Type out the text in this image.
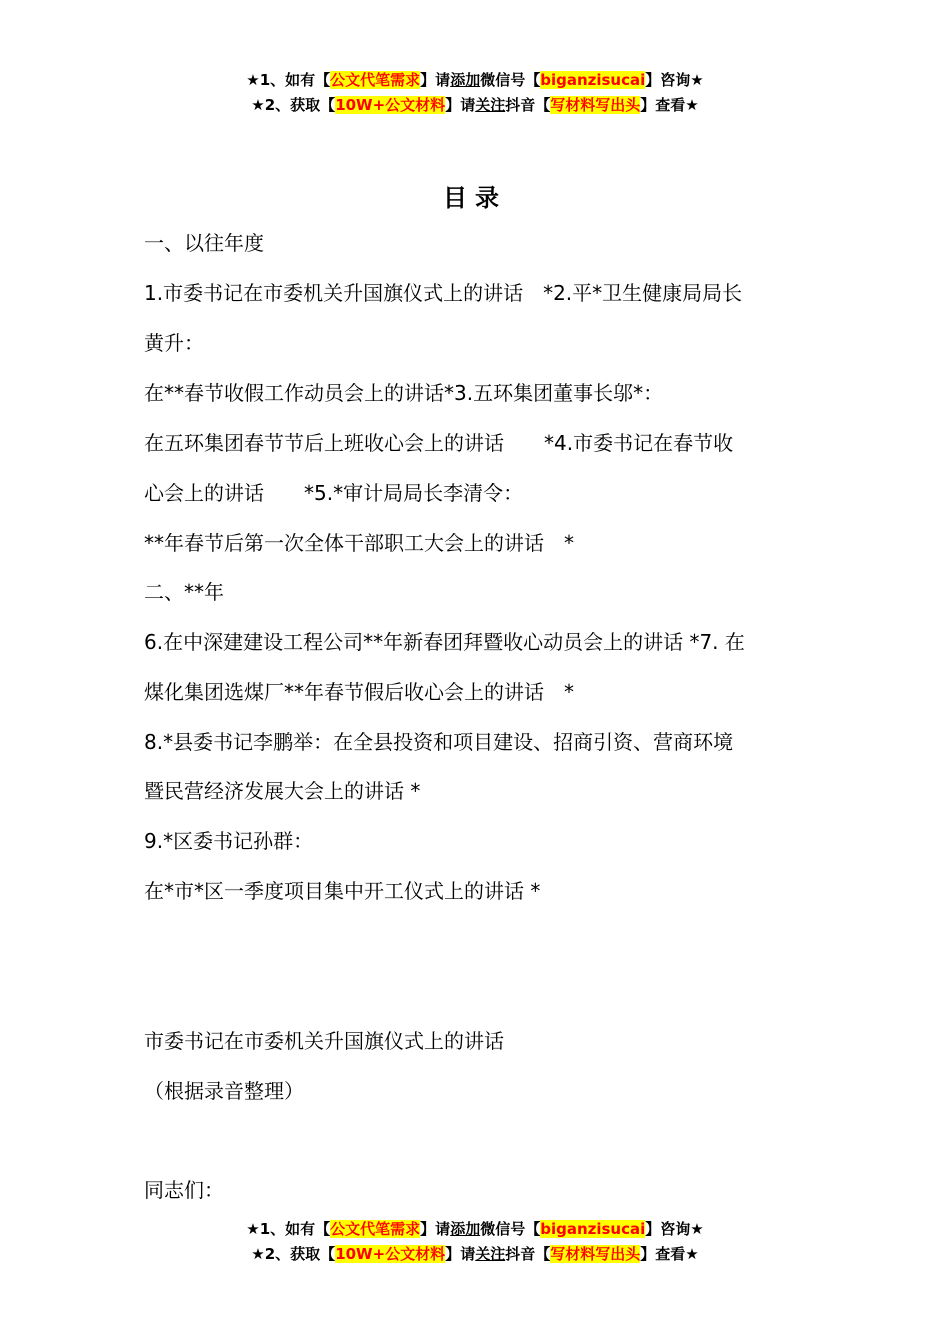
★1、如有【公文代笔需求】请添加微信号【biganzisucai】咨询★
★2、获取【10W+公文材料】请关注抖音【写材料写出头】查看★
目录
一、以往年度
1.市委书记在市委机关升国旗仪式上的讲话　*2.平*卫生健康局局长
黄升：
在**春节收假工作动员会上的讲话*3.五环集团董事长邬*：
在五环集团春节节后上班收心会上的讲话　　*4.市委书记在春节收
心会上的讲话　　*5.*审计局局长李清令：
**年春节后第一次全体干部职工大会上的讲话　*
二、**年
6.在中深建建设工程公司**年新春团拜暨收心动员会上的讲话 *7. 在
煤化集团选煤厂**年春节假后收心会上的讲话　*
8.*县委书记李鹏举：在全县投资和项目建设、招商引资、营商环境
暨民营经济发展大会上的讲话 *
9.*区委书记孙群：
在*市*区一季度项目集中开工仪式上的讲话 *
市委书记在市委机关升国旗仪式上的讲话
（根据录音整理）
同志们：
★1、如有【公文代笔需求】请添加微信号【biganzisucai】咨询★
★2、获取【10W+公文材料】请关注抖音【写材料写出头】查看★
